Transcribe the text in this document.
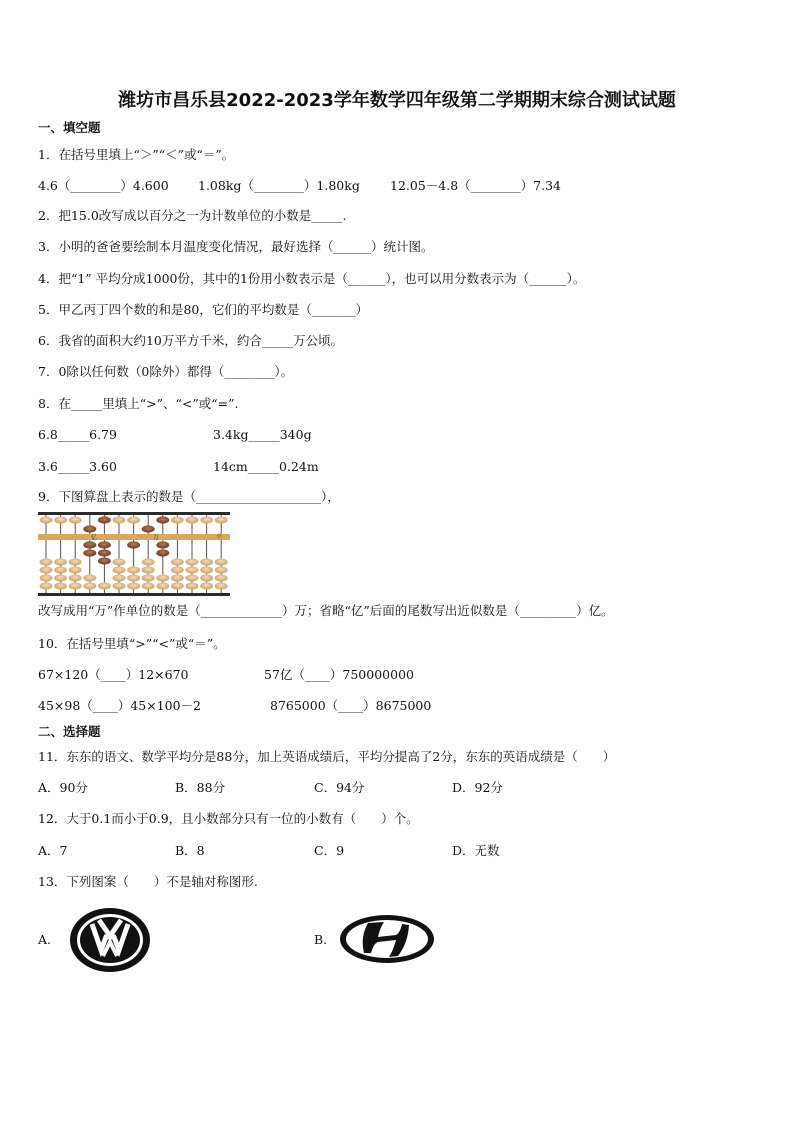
潍坊市昌乐县2022-2023学年数学四年级第二学期期末综合测试试题
一、填空题
1．在括号里填上“＞”“＜”或“＝”。
4.6（________）4.600 1.08kg（________）1.80kg 12.05－4.8（________）7.34
2．把15.0改写成以百分之一为计数单位的小数是_____.
3．小明的爸爸要绘制本月温度变化情况，最好选择（______）统计图。
4．把“1” 平均分成1000份，其中的1份用小数表示是（______），也可以用分数表示为（______）。
5．甲乙丙丁四个数的和是80，它们的平均数是（_______）
6．我省的面积大约10万平方千米，约合_____万公顷。
7．0除以任何数（0除外）都得（________）。
8．在_____里填上“>”、“<”或“=”.
6.8_____6.79	3.4kg_____340g
3.6_____3.60	14cm_____0.24m
9．下图算盘上表示的数是（____________________），
亿	万	个
改写成用“万”作单位的数是（_____________）万；省略“亿”后面的尾数写出近似数是（_________）亿。
10．在括号里填“>”“<”或“＝”。
67×120（____）12×670	57亿（____）750000000
45×98（____）45×100－2	8765000（____）8675000
二、选择题
11．东东的语文、数学平均分是88分，加上英语成绩后，平均分提高了2分，东东的英语成绩是（　　）
A．90分	B．88分	C．94分	D．92分
12．大于0.1而小于0.9，且小数部分只有一位的小数有（　　）个。
A．7	B．8	C．9	D．无数
13．下列图案（　　）不是轴对称图形.
A.	B.
